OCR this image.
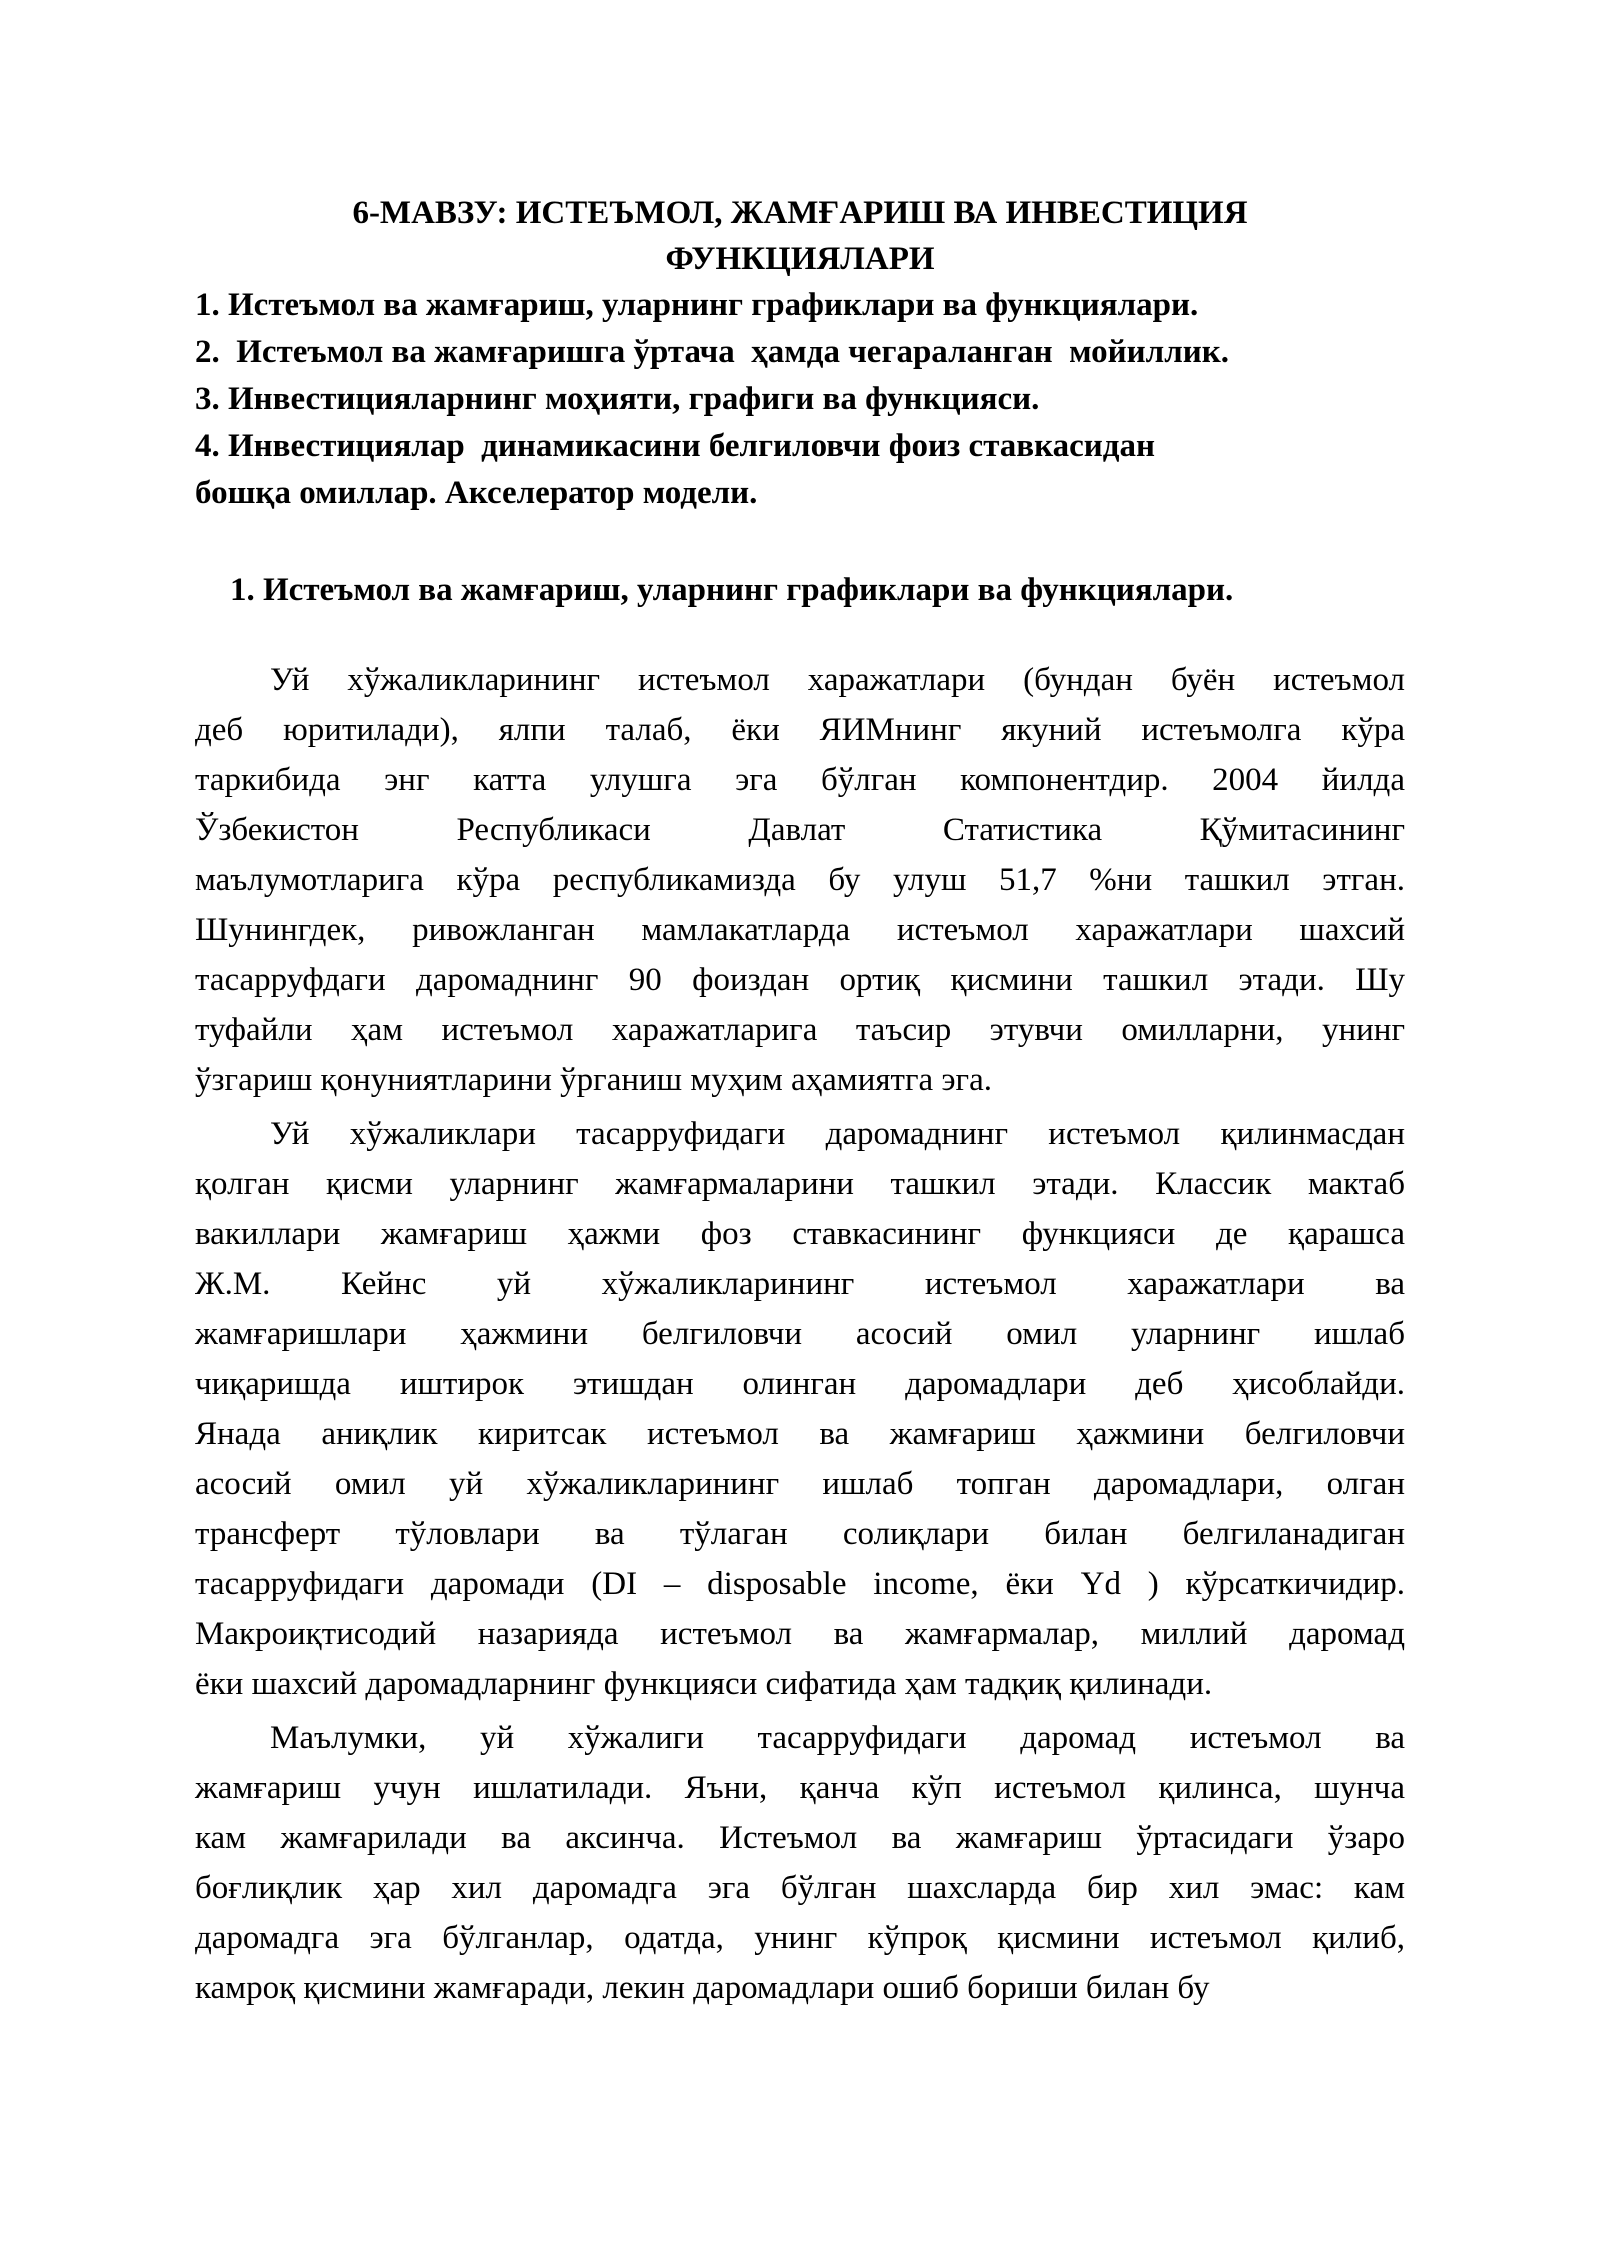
6-МАВЗУ: ИСТЕЪМОЛ, ЖАМҒАРИШ ВА ИНВЕСТИЦИЯ
ФУНКЦИЯЛАРИ
1. Истеъмол ва жамғариш, уларнинг графиклари ва функциялари.
2.  Истеъмол ва жамғаришга ўртача  ҳамда чегараланган  мойиллик.
3. Инвестицияларнинг моҳияти, графиги ва функцияси.
4. Инвестициялар  динамикасини белгиловчи фоиз ставкасидан
бошқа омиллар. Акселератор модели.
1. Истеъмол ва жамғариш, уларнинг графиклари ва функциялари.

Уй хўжаликларининг истеъмол харажатлари (бундан буён истеъмол
деб юритилади), ялпи талаб, ёки ЯИМнинг якуний истеъмолга кўра
таркибида энг катта улушга эга бўлган компонентдир. 2004 йилда
Ўзбекистон Республикаси Давлат Статистика Қўмитасининг
маълумотларига кўра республикамизда бу улуш 51,7 %ни ташкил этган.
Шунингдек, ривожланган мамлакатларда истеъмол харажатлари шахсий
тасарруфдаги даромаднинг 90 фоиздан ортиқ қисмини ташкил этади. Шу
туфайли ҳам истеъмол харажатларига таъсир этувчи омилларни, унинг
ўзгариш қонуниятларини ўрганиш муҳим аҳамиятга эга.

Уй хўжаликлари тасарруфидаги даромаднинг истеъмол қилинмасдан
қолган қисми уларнинг жамғармаларини ташкил этади. Классик мактаб
вакиллари жамғариш ҳажми фоз ставкасининг функцияси де қарашса
Ж.М. Кейнс уй хўжаликларининг истеъмол харажатлари ва
жамғаришлари ҳажмини белгиловчи асосий омил уларнинг ишлаб
чиқаришда иштирок этишдан олинган даромадлари деб ҳисоблайди.
Янада аниқлик киритсак истеъмол ва жамғариш ҳажмини белгиловчи
асосий омил уй хўжаликларининг ишлаб топган даромадлари, олган
трансферт тўловлари ва тўлаган солиқлари билан белгиланадиган
тасарруфидаги даромади (DI – disposable income, ёки Yd ) кўрсаткичидир.
Макроиқтисодий назарияда истеъмол ва жамғармалар, миллий даромад
ёки шахсий даромадларнинг функцияси сифатида ҳам тадқиқ қилинади.

Маълумки, уй хўжалиги тасарруфидаги даромад истеъмол ва
жамғариш учун ишлатилади. Яъни, қанча кўп истеъмол қилинса, шунча
кам жамғарилади ва аксинча. Истеъмол ва жамғариш ўртасидаги ўзаро
боғлиқлик ҳар хил даромадга эга бўлган шахсларда бир хил эмас: кам
даромадга эга бўлганлар, одатда, унинг кўпроқ қисмини истеъмол қилиб,
камроқ қисмини жамғаради, лекин даромадлари ошиб бориши билан бу
